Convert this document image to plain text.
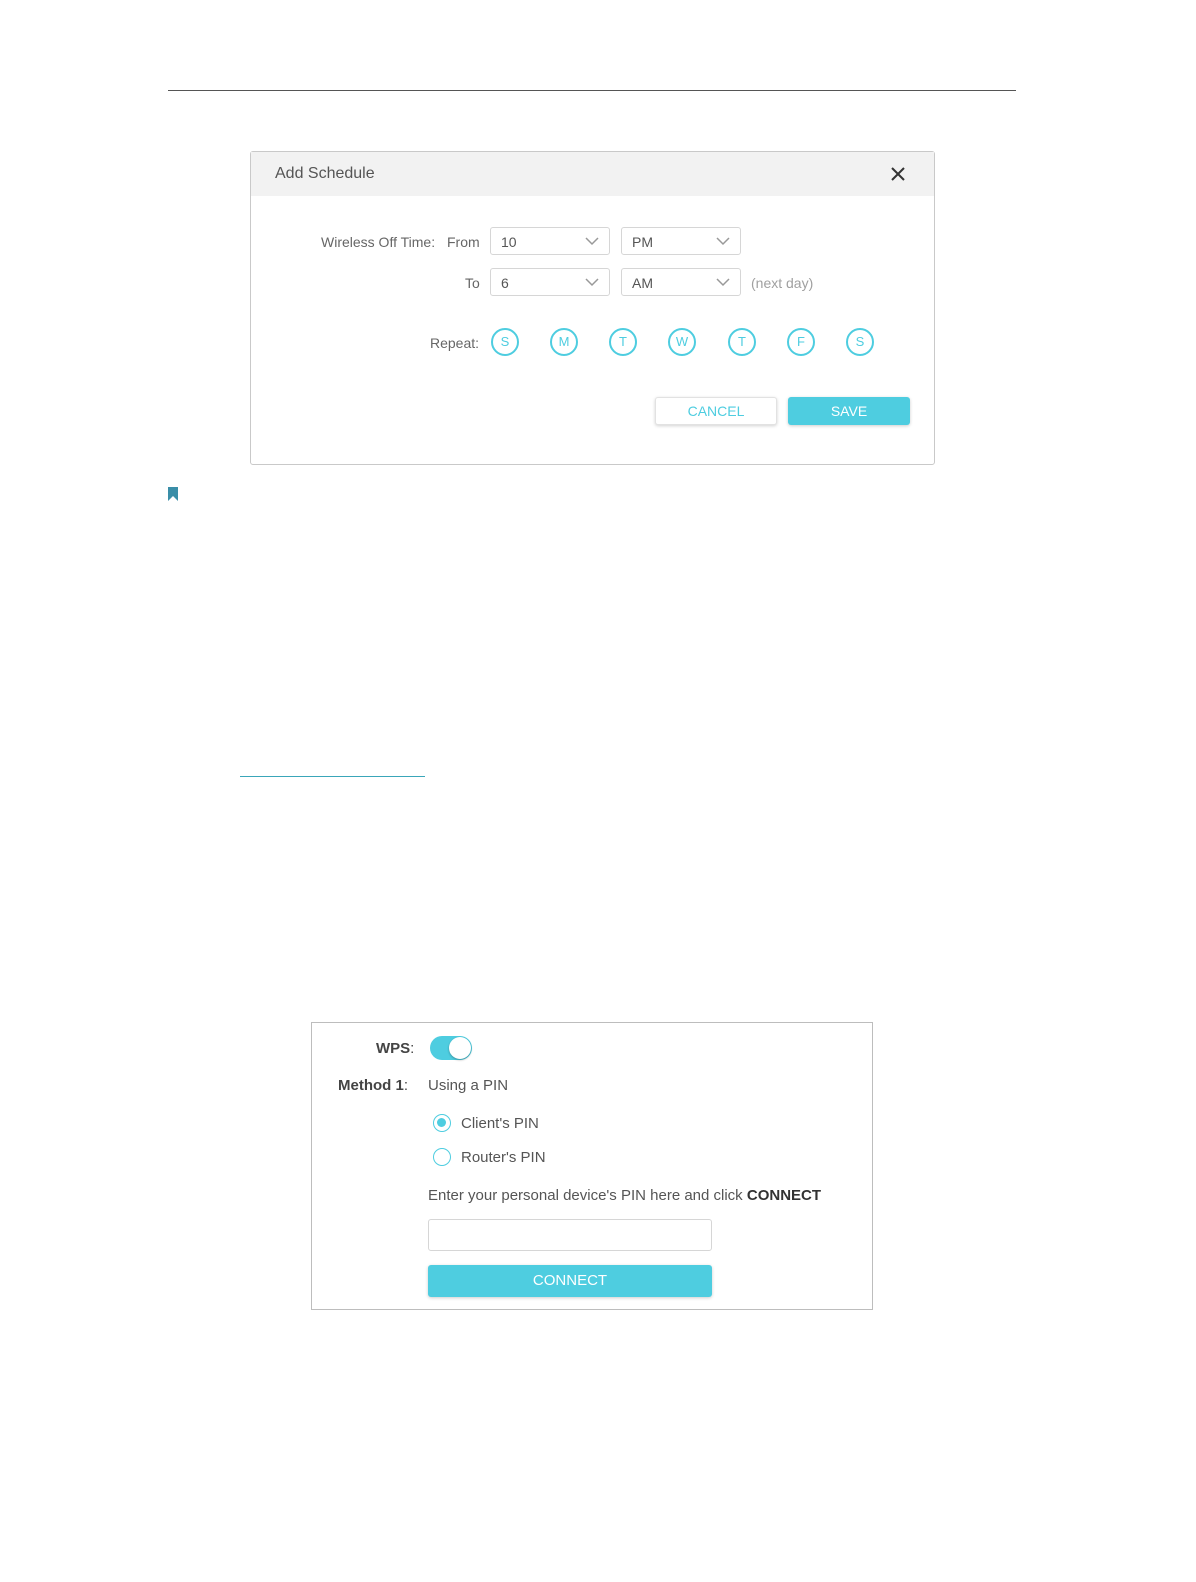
Add Schedule
Wireless Off Time: From 10	PM
To 6	AM	(next day)
Repeat:	S	M	T	W	T	F	S
CANCEL	SAVE
WPS:
Method 1: Using a PIN
Client's PIN
Router's PIN
Enter your personal device's PIN here and click CONNECT
CONNECT
